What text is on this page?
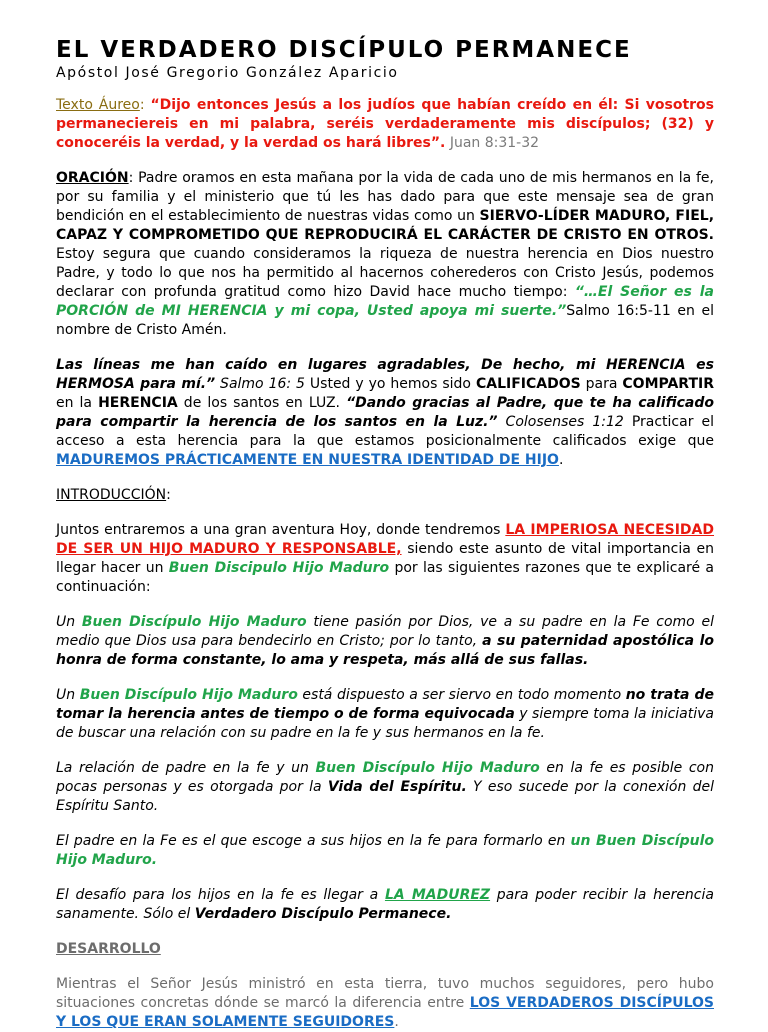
EL VERDADERO DISCÍPULO PERMANECE
Apóstol José Gregorio González Aparicio

Texto Áureo: “Dijo entonces Jesús a los judíos que habían creído en él: Si vosotros permaneciereis en mi palabra, seréis verdaderamente mis discípulos; (32) y conoceréis la verdad, y la verdad os hará libres”. Juan 8:31-32

ORACIÓN: Padre oramos en esta mañana por la vida de cada uno de mis hermanos en la fe, por su familia y el ministerio que tú les has dado para que este mensaje sea de gran bendición en el establecimiento de nuestras vidas como un SIERVO-LÍDER MADURO, FIEL, CAPAZ Y COMPROMETIDO QUE REPRODUCIRÁ EL CARÁCTER DE CRISTO EN OTROS. Estoy segura que cuando consideramos la riqueza de nuestra herencia en Dios nuestro Padre, y todo lo que nos ha permitido al hacernos coherederos con Cristo Jesús, podemos declarar con profunda gratitud como hizo David hace mucho tiempo: “…El Señor es la PORCIÓN de MI HERENCIA y mi copa, Usted apoya mi suerte.”Salmo 16:5-11 en el nombre de Cristo Amén.

Las líneas me han caído en lugares agradables, De hecho, mi HERENCIA es HERMOSA para mí.” Salmo 16: 5 Usted y yo hemos sido CALIFICADOS para COMPARTIR en la HERENCIA de los santos en LUZ. “Dando gracias al Padre, que te ha calificado para compartir la herencia de los santos en la Luz.” Colosenses 1:12 Practicar el acceso a esta herencia para la que estamos posicionalmente calificados exige que MADUREMOS PRÁCTICAMENTE EN NUESTRA IDENTIDAD DE HIJO.

INTRODUCCIÓN:

Juntos entraremos a una gran aventura Hoy, donde tendremos LA IMPERIOSA NECESIDAD DE SER UN HIJO MADURO Y RESPONSABLE, siendo este asunto de vital importancia en llegar hacer un Buen Discipulo Hijo Maduro por las siguientes razones que te explicaré a continuación:

Un Buen Discípulo Hijo Maduro tiene pasión por Dios, ve a su padre en la Fe como el medio que Dios usa para bendecirlo en Cristo; por lo tanto, a su paternidad apostólica lo honra de forma constante, lo ama y respeta, más allá de sus fallas.

Un Buen Discípulo Hijo Maduro está dispuesto a ser siervo en todo momento no trata de tomar la herencia antes de tiempo o de forma equivocada y siempre toma la iniciativa de buscar una relación con su padre en la fe y sus hermanos en la fe.

La relación de padre en la fe y un Buen Discípulo Hijo Maduro en la fe es posible con pocas personas y es otorgada por la Vida del Espíritu. Y eso sucede por la conexión del Espíritu Santo.

El padre en la Fe es el que escoge a sus hijos en la fe para formarlo en un Buen Discípulo Hijo Maduro.

El desafío para los hijos en la fe es llegar a LA MADUREZ para poder recibir la herencia sanamente. Sólo el Verdadero Discípulo Permanece.

DESARROLLO

Mientras el Señor Jesús ministró en esta tierra, tuvo muchos seguidores, pero hubo situaciones concretas dónde se marcó la diferencia entre LOS VERDADEROS DISCÍPULOS Y LOS QUE ERAN SOLAMENTE SEGUIDORES.
